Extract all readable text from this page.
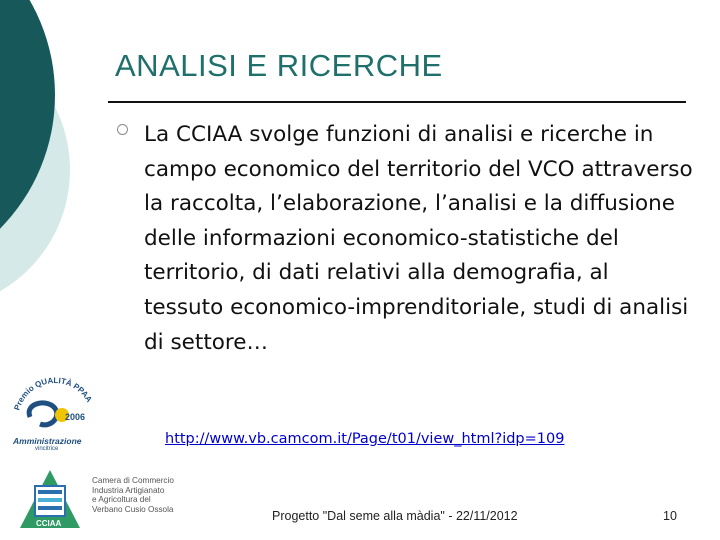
ANALISI E RICERCHE
La CCIAA svolge funzioni di analisi e ricerche in campo economico del territorio del VCO attraverso la raccolta, l’elaborazione, l’analisi e la diffusione delle informazioni economico-statistiche del territorio, di dati relativi alla demografia, al tessuto economico-imprenditoriale, studi di analisi di settore…
http://www.vb.camcom.it/Page/t01/view_html?idp=109
Premio QUALITÀ PPAA
2006
Amministrazione
vincitrice
CCIAA
Camera di Commercio
Industria Artigianato
e Agricoltura del
Verbano Cusio Ossola	Progetto "Dal seme alla màdia" - 22/11/2012	10
